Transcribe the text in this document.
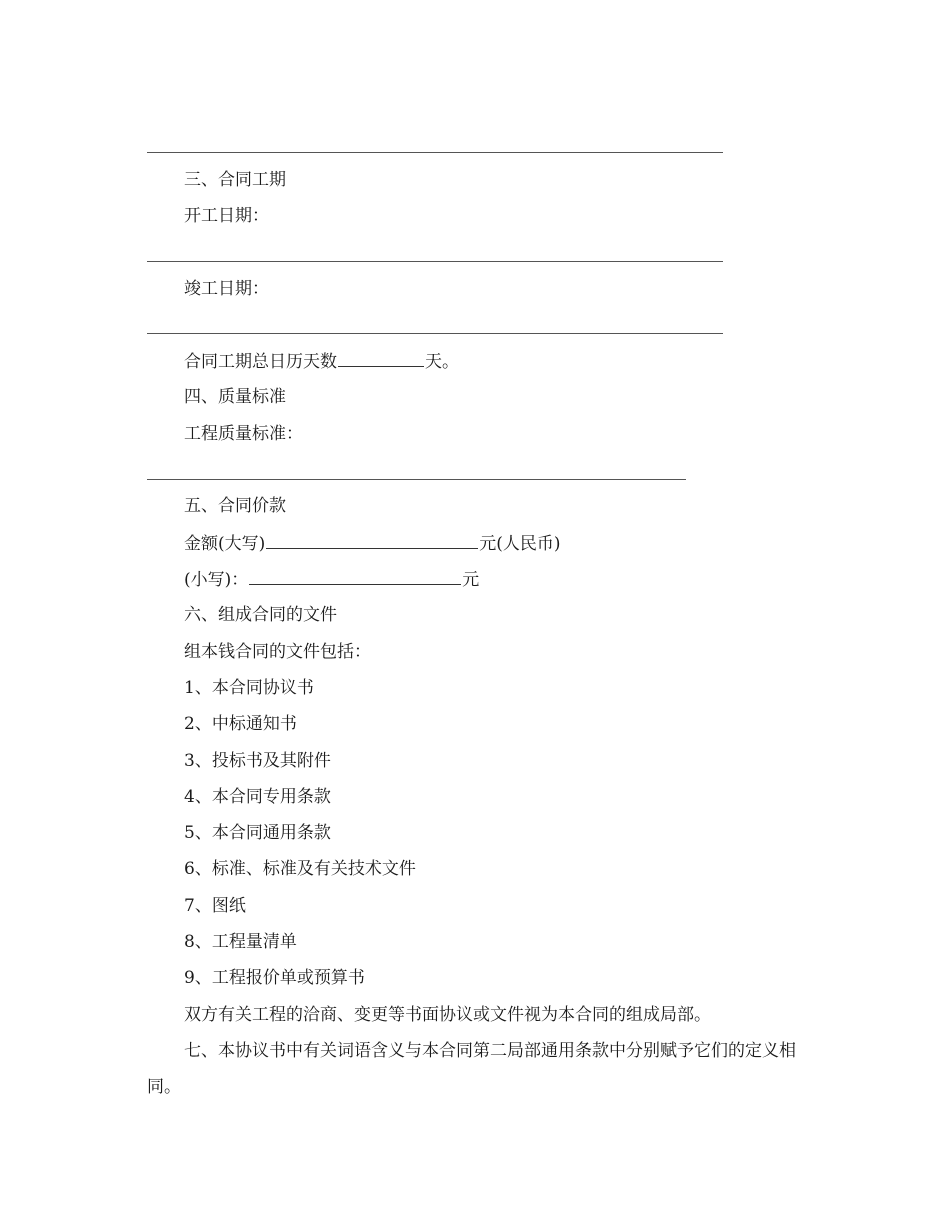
三、合同工期
开工日期：
竣工日期：
合同工期总日历天数	天。
四、质量标准
工程质量标准：
五、合同价款
金额(大写)	元(人民币)
(小写)：	元
六、组成合同的文件
组本钱合同的文件包括：
1、本合同协议书
2、中标通知书
3、投标书及其附件
4、本合同专用条款
5、本合同通用条款
6、标准、标准及有关技术文件
7、图纸
8、工程量清单
9、工程报价单或预算书
双方有关工程的洽商、变更等书面协议或文件视为本合同的组成局部。
七、本协议书中有关词语含义与本合同第二局部通用条款中分别赋予它们的定义相同。
